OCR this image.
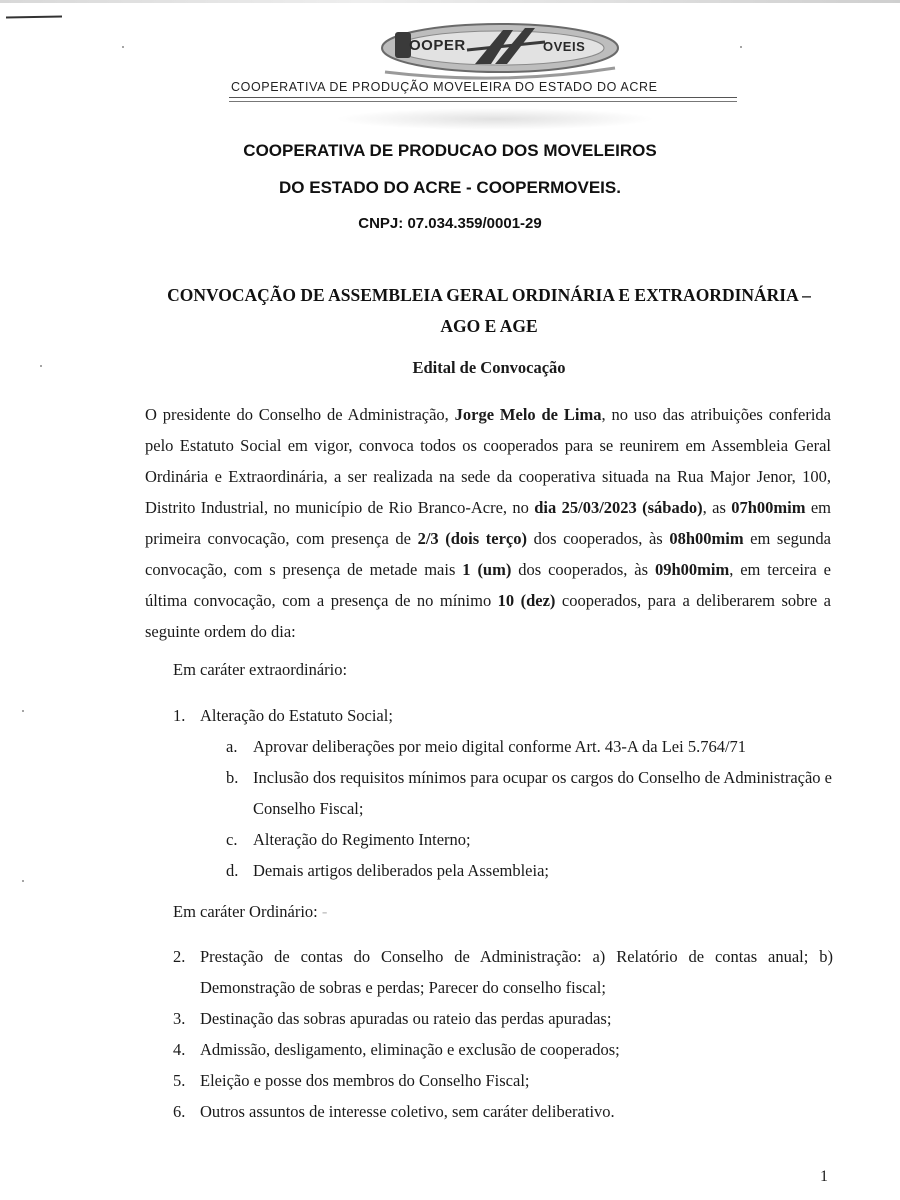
OOPER	OVEIS
COOPERATIVA DE PRODUÇÃO MOVELEIRA DO ESTADO DO ACRE
COOPERATIVA DE PRODUCAO DOS MOVELEIROS
DO ESTADO DO ACRE - COOPERMOVEIS.
CNPJ: 07.034.359/0001-29
CONVOCAÇÃO DE ASSEMBLEIA GERAL ORDINÁRIA E EXTRAORDINÁRIA –
AGO E AGE
Edital de Convocação
O presidente do Conselho de Administração, Jorge Melo de Lima, no uso das atribuições conferida pelo Estatuto Social em vigor, convoca todos os cooperados para se reunirem em Assembleia Geral Ordinária e Extraordinária, a ser realizada na sede da cooperativa situada na Rua Major Jenor, 100, Distrito Industrial, no município de Rio Branco-Acre, no dia 25/03/2023 (sábado), as 07h00mim em primeira convocação, com presença de 2/3 (dois terço) dos cooperados, às 08h00mim em segunda convocação, com s presença de metade mais 1 (um) dos cooperados, às 09h00mim, em terceira e última convocação, com a presença de no mínimo 10 (dez) cooperados, para a deliberarem sobre a seguinte ordem do dia:
Em caráter extraordinário:
1. Alteração do Estatuto Social;
a. Aprovar deliberações por meio digital conforme Art. 43-A da Lei 5.764/71
b. Inclusão dos requisitos mínimos para ocupar os cargos do Conselho de Administração e Conselho Fiscal;
c. Alteração do Regimento Interno;
d. Demais artigos deliberados pela Assembleia;
Em caráter Ordinário: -
2. Prestação de contas do Conselho de Administração: a) Relatório de contas anual; b) Demonstração de sobras e perdas; Parecer do conselho fiscal;
3. Destinação das sobras apuradas ou rateio das perdas apuradas;
4. Admissão, desligamento, eliminação e exclusão de cooperados;
5. Eleição e posse dos membros do Conselho Fiscal;
6. Outros assuntos de interesse coletivo, sem caráter deliberativo.
1
